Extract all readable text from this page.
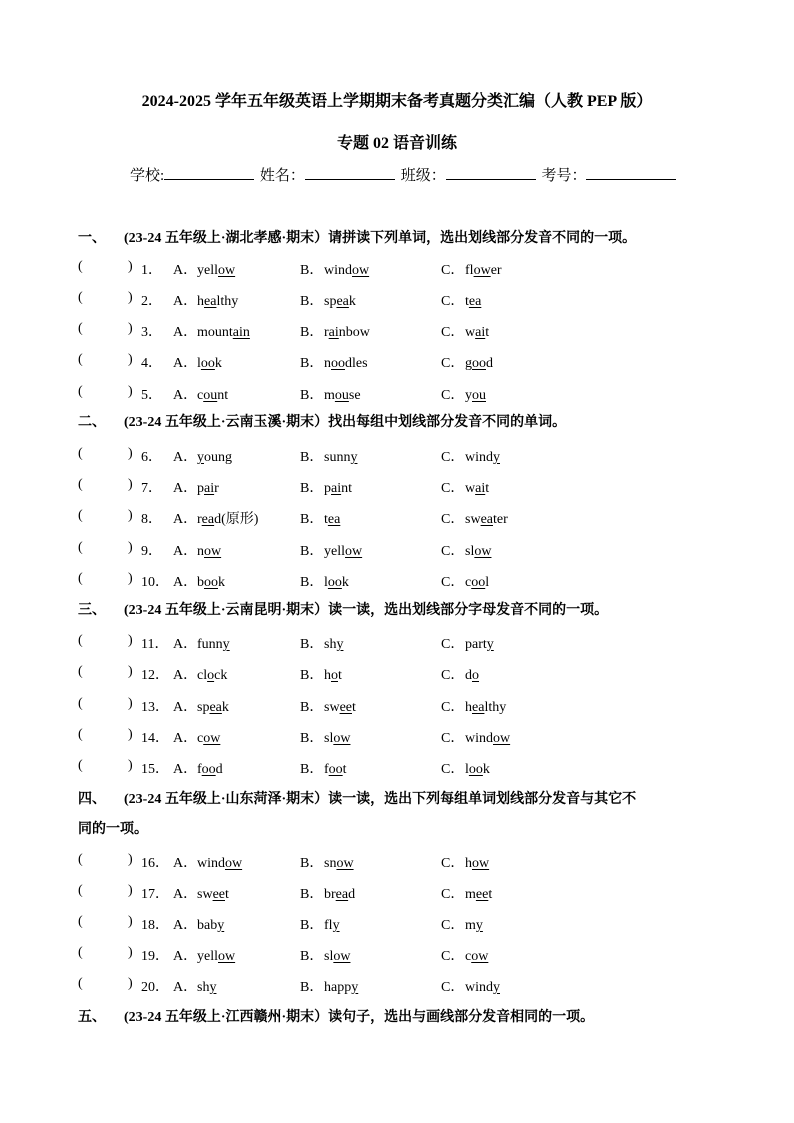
2024-2025 学年五年级英语上学期期末备考真题分类汇编（人教 PEP 版）
专题 02 语音训练
学校:	姓名：	班级：	考号：
一、 (23-24 五年级上·湖北孝感·期末）请拼读下列单词，选出划线部分发音不同的一项。
二、 (23-24 五年级上·云南玉溪·期末）找出每组中划线部分发音不同的单词。
三、 (23-24 五年级上·云南昆明·期末）读一读，选出划线部分字母发音不同的一项。
四、 (23-24 五年级上·山东菏泽·期末）读一读，选出下列每组单词划线部分发音与其它不
同的一项。
五、 (23-24 五年级上·江西赣州·期末）读句子，选出与画线部分发音相同的一项。
(	) 1． A．yellow	B．window	C．flower
(	) 2． A．healthy	B．speak	C．tea
(	) 3． A．mountain	B．rainbow	C．wait
(	) 4． A．look	B．noodles	C．good
(	) 5． A．count	B．mouse	C．you
(	) 6． A．young	B．sunny	C．windy
(	) 7． A．pair	B．paint	C．wait
(	) 8． A．read(原形)	B．tea	C．sweater
(	) 9． A．now	B．yellow	C．slow
(	) 10． A．book	B．look	C．cool
(	) 11． A．funny	B．shy	C．party
(	) 12． A．clock	B．hot	C．do
(	) 13． A．speak	B．sweet	C．healthy
(	) 14． A．cow	B．slow	C．window
(	) 15． A．food	B．foot	C．look
(	) 16． A．window	B．snow	C．how
(	) 17． A．sweet	B．bread	C．meet
(	) 18． A．baby	B．fly	C．my
(	) 19． A．yellow	B．slow	C．cow
(	) 20． A．shy	B．happy	C．windy
